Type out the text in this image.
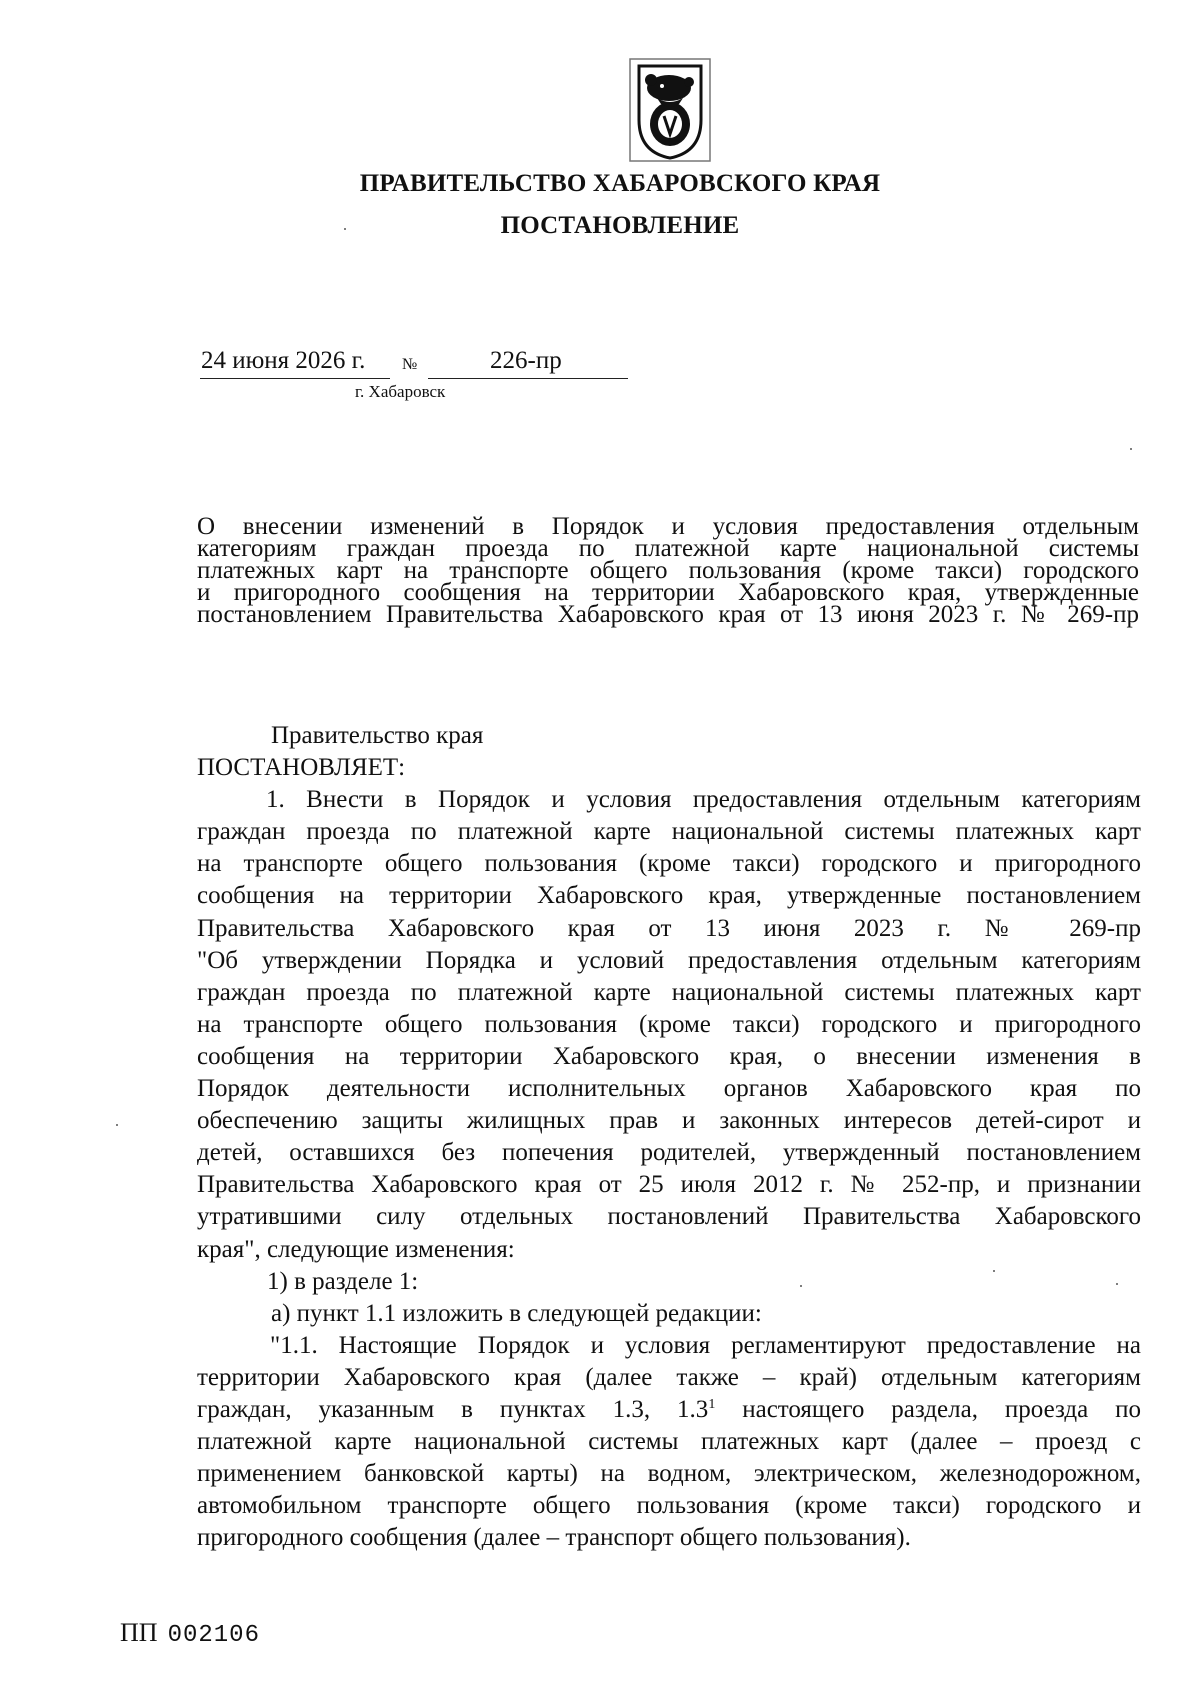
ПРАВИТЕЛЬСТВО ХАБАРОВСКОГО КРАЯ
ПОСТАНОВЛЕНИЕ
24 июня 2026 г. №	226-пр
г. Хабаровск
О внесении изменений в Порядок и условия предоставления отдельным
категориям граждан проезда по платежной карте национальной системы
платежных карт на транспорте общего пользования (кроме такси) городского
и пригородного сообщения на территории Хабаровского края, утвержденные
постановлением Правительства Хабаровского края от 13 июня 2023 г. № 269-пр
Правительство края
ПОСТАНОВЛЯЕТ:
1. Внести в Порядок и условия предоставления отдельным категориям
граждан проезда по платежной карте национальной системы платежных карт
на транспорте общего пользования (кроме такси) городского и пригородного
сообщения на территории Хабаровского края, утвержденные постановлением
Правительства Хабаровского края от 13 июня 2023 г. № 269-пр
"Об утверждении Порядка и условий предоставления отдельным категориям
граждан проезда по платежной карте национальной системы платежных карт
на транспорте общего пользования (кроме такси) городского и пригородного
сообщения на территории Хабаровского края, о внесении изменения в
Порядок деятельности исполнительных органов Хабаровского края по
обеспечению защиты жилищных прав и законных интересов детей-сирот и
детей, оставшихся без попечения родителей, утвержденный постановлением
Правительства Хабаровского края от 25 июля 2012 г. № 252-пр, и признании
утратившими силу отдельных постановлений Правительства Хабаровского
края", следующие изменения:
1) в разделе 1:
а) пункт 1.1 изложить в следующей редакции:
"1.1. Настоящие Порядок и условия регламентируют предоставление на
территории Хабаровского края (далее также – край) отдельным категориям
граждан, указанным в пунктах 1.3, $1.3^1$ настоящего раздела, проезда по
платежной карте национальной системы платежных карт (далее – проезд с
применением банковской карты) на водном, электрическом, железнодорожном,
автомобильном транспорте общего пользования (кроме такси) городского и
пригородного сообщения (далее – транспорт общего пользования).
ПП 002106
